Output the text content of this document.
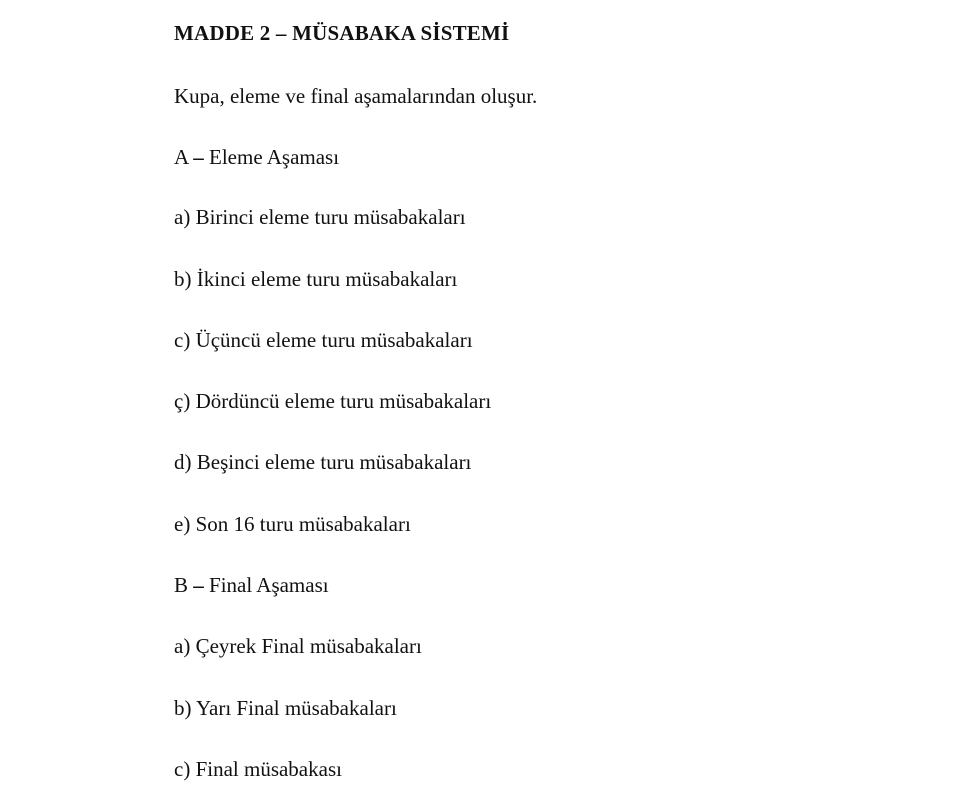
MADDE 2 – MÜSABAKA SİSTEMİ

Kupa, eleme ve final aşamalarından oluşur.

A – Eleme Aşaması

a) Birinci eleme turu müsabakaları

b) İkinci eleme turu müsabakaları

c) Üçüncü eleme turu müsabakaları

ç) Dördüncü eleme turu müsabakaları

d) Beşinci eleme turu müsabakaları

e) Son 16 turu müsabakaları

B – Final Aşaması

a) Çeyrek Final müsabakaları

b) Yarı Final müsabakaları

c) Final müsabakası
